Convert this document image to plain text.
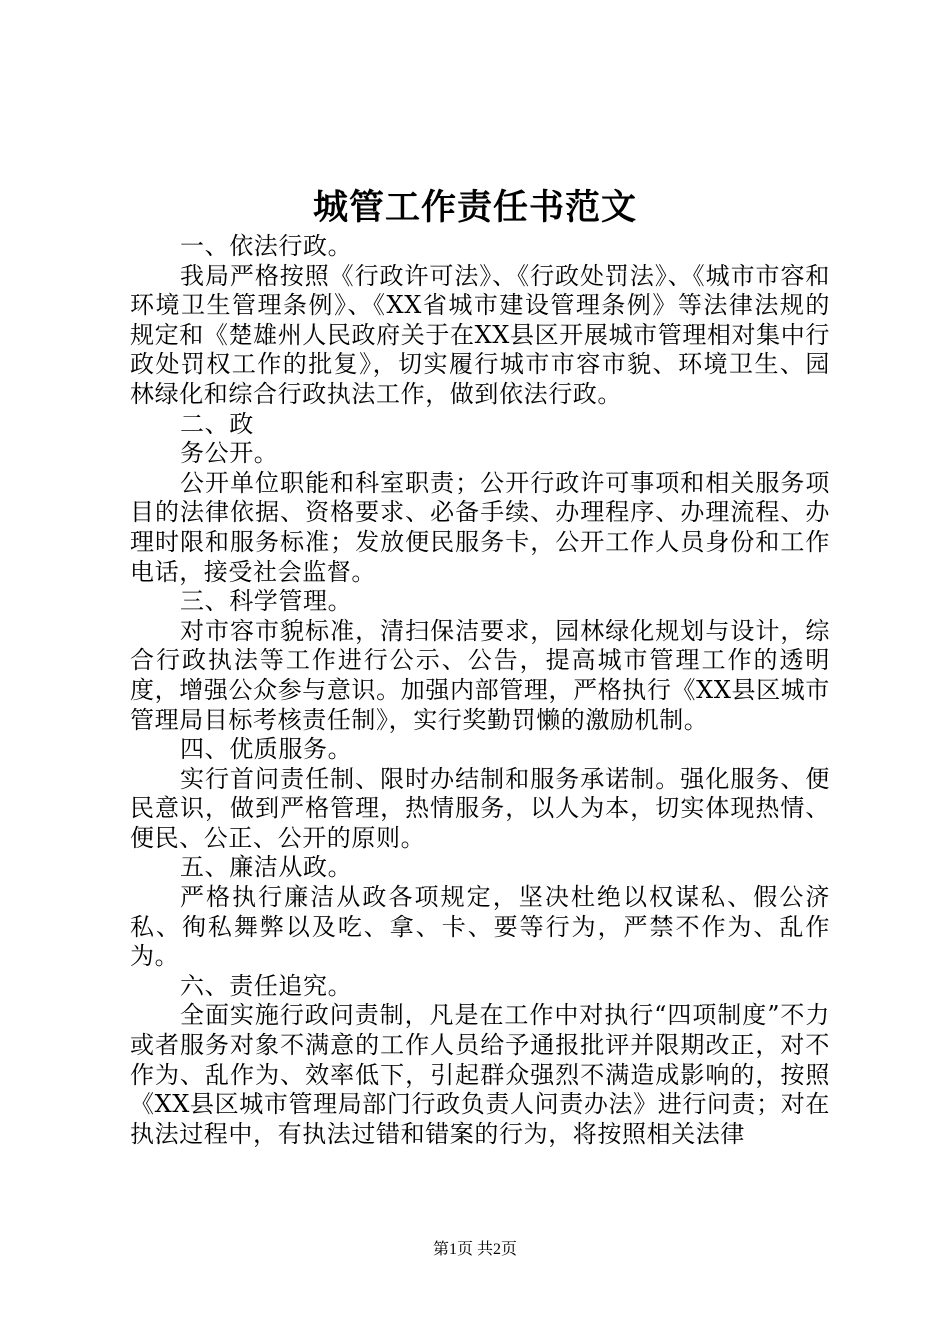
城管工作责任书范文

一、依法行政。

我局严格按照《行政许可法》、《行政处罚法》、《城市市容和环境卫生管理条例》、《XX省城市建设管理条例》等法律法规的规定和《楚雄州人民政府关于在XX县区开展城市管理相对集中行政处罚权工作的批复》，切实履行城市市容市貌、环境卫生、园林绿化和综合行政执法工作，做到依法行政。

二、政

务公开。

公开单位职能和科室职责；公开行政许可事项和相关服务项目的法律依据、资格要求、必备手续、办理程序、办理流程、办理时限和服务标准；发放便民服务卡，公开工作人员身份和工作电话，接受社会监督。

三、科学管理。

对市容市貌标准，清扫保洁要求，园林绿化规划与设计，综合行政执法等工作进行公示、公告，提高城市管理工作的透明度，增强公众参与意识。加强内部管理，严格执行《XX县区城市管理局目标考核责任制》，实行奖勤罚懒的激励机制。

四、优质服务。

实行首问责任制、限时办结制和服务承诺制。强化服务、便民意识，做到严格管理，热情服务，以人为本，切实体现热情、便民、公正、公开的原则。

五、廉洁从政。

严格执行廉洁从政各项规定，坚决杜绝以权谋私、假公济私、徇私舞弊以及吃、拿、卡、要等行为，严禁不作为、乱作为。

六、责任追究。

全面实施行政问责制，凡是在工作中对执行“四项制度”不力或者服务对象不满意的工作人员给予通报批评并限期改正，对不作为、乱作为、效率低下，引起群众强烈不满造成影响的，按照《XX县区城市管理局部门行政负责人问责办法》进行问责；对在执法过程中，有执法过错和错案的行为，将按照相关法律

第1页 共2页
